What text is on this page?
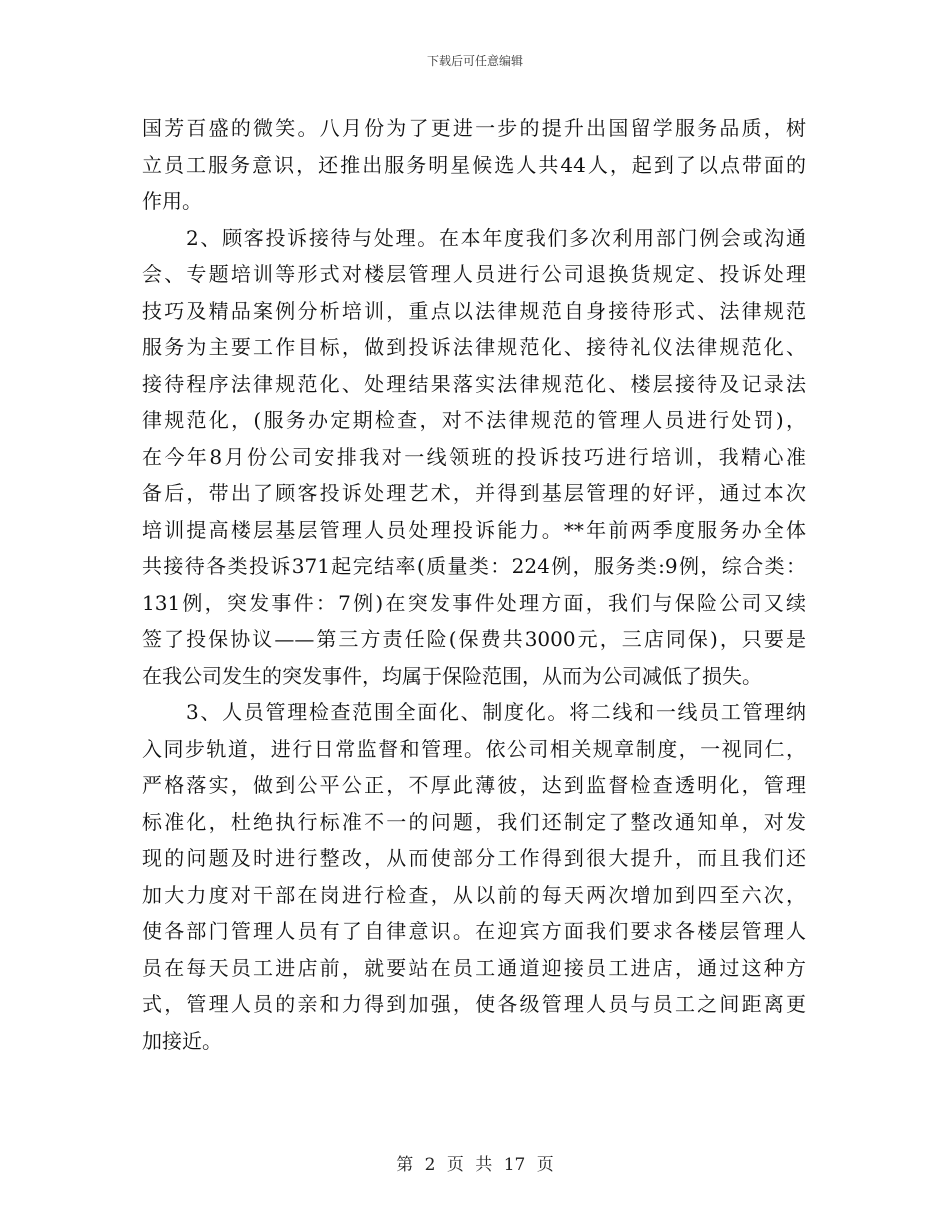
下载后可任意编辑
国芳百盛的微笑。八月份为了更进一步的提升出国留学服务品质，树
立员工服务意识，还推出服务明星候选人共44人，起到了以点带面的
作用。
2、顾客投诉接待与处理。在本年度我们多次利用部门例会或沟通
会、专题培训等形式对楼层管理人员进行公司退换货规定、投诉处理
技巧及精品案例分析培训，重点以法律规范自身接待形式、法律规范
服务为主要工作目标，做到投诉法律规范化、接待礼仪法律规范化、
接待程序法律规范化、处理结果落实法律规范化、楼层接待及记录法
律规范化，(服务办定期检查，对不法律规范的管理人员进行处罚)，
在今年8月份公司安排我对一线领班的投诉技巧进行培训，我精心准
备后，带出了顾客投诉处理艺术，并得到基层管理的好评，通过本次
培训提高楼层基层管理人员处理投诉能力。**年前两季度服务办全体
共接待各类投诉371起完结率(质量类：224例，服务类:9例，综合类：
131例，突发事件：7例)在突发事件处理方面，我们与保险公司又续
签了投保协议——第三方责任险(保费共3000元，三店同保)，只要是
在我公司发生的突发事件，均属于保险范围，从而为公司减低了损失。
3、人员管理检查范围全面化、制度化。将二线和一线员工管理纳
入同步轨道，进行日常监督和管理。依公司相关规章制度，一视同仁，
严格落实，做到公平公正，不厚此薄彼，达到监督检查透明化，管理
标准化，杜绝执行标准不一的问题，我们还制定了整改通知单，对发
现的问题及时进行整改，从而使部分工作得到很大提升，而且我们还
加大力度对干部在岗进行检查，从以前的每天两次增加到四至六次，
使各部门管理人员有了自律意识。在迎宾方面我们要求各楼层管理人
员在每天员工进店前，就要站在员工通道迎接员工进店，通过这种方
式，管理人员的亲和力得到加强，使各级管理人员与员工之间距离更
加接近。
第 2 页 共 17 页
